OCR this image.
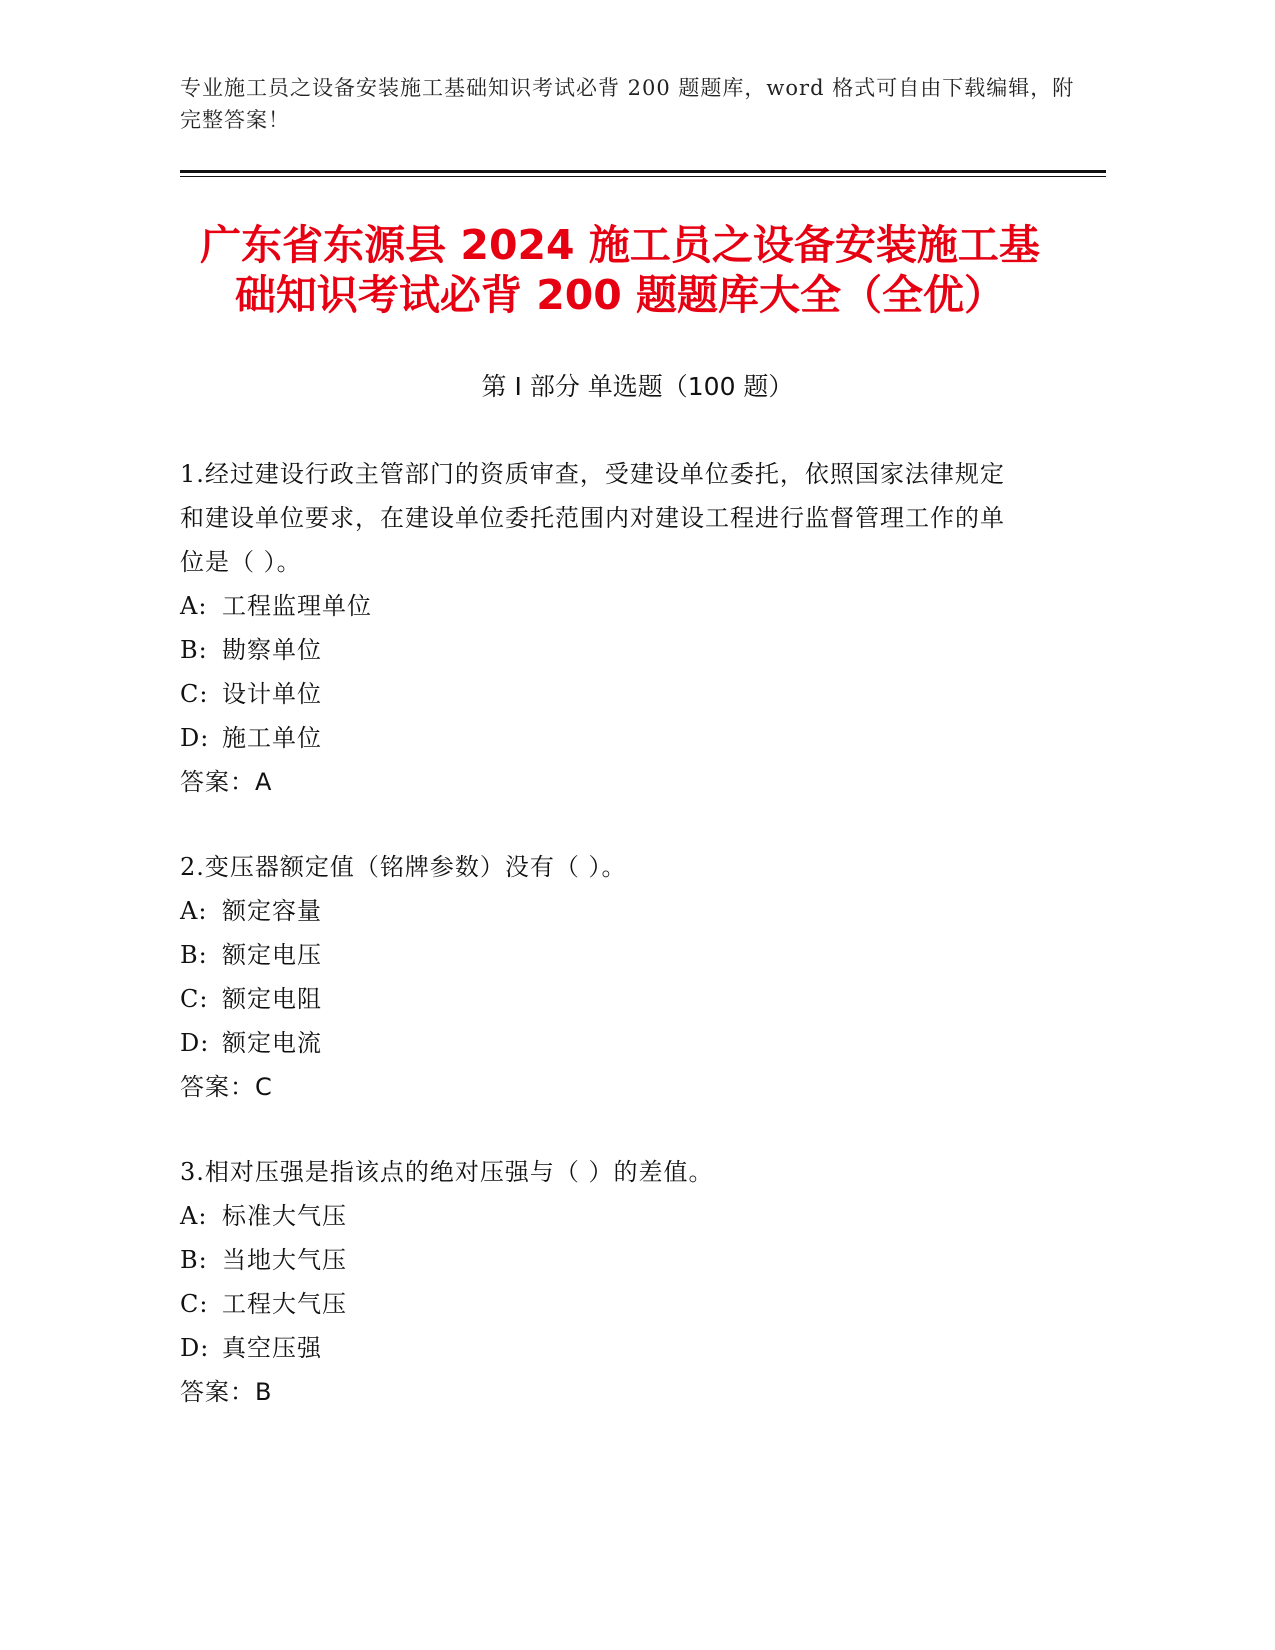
专业施工员之设备安装施工基础知识考试必背 200 题题库，word 格式可自由下载编辑，附完整答案！
广东省东源县 2024 施工员之设备安装施工基础知识考试必背 200 题题库大全（全优）
第 I 部分 单选题（100 题）
1.经过建设行政主管部门的资质审查，受建设单位委托，依照国家法律规定和建设单位要求，在建设单位委托范围内对建设工程进行监督管理工作的单位是（ ）。
A: 工程监理单位
B: 勘察单位
C: 设计单位
D: 施工单位
答案：A
2.变压器额定值（铭牌参数）没有（ ）。
A: 额定容量
B: 额定电压
C: 额定电阻
D: 额定电流
答案：C
3.相对压强是指该点的绝对压强与（ ）的差值。
A: 标准大气压
B: 当地大气压
C: 工程大气压
D: 真空压强
答案：B
